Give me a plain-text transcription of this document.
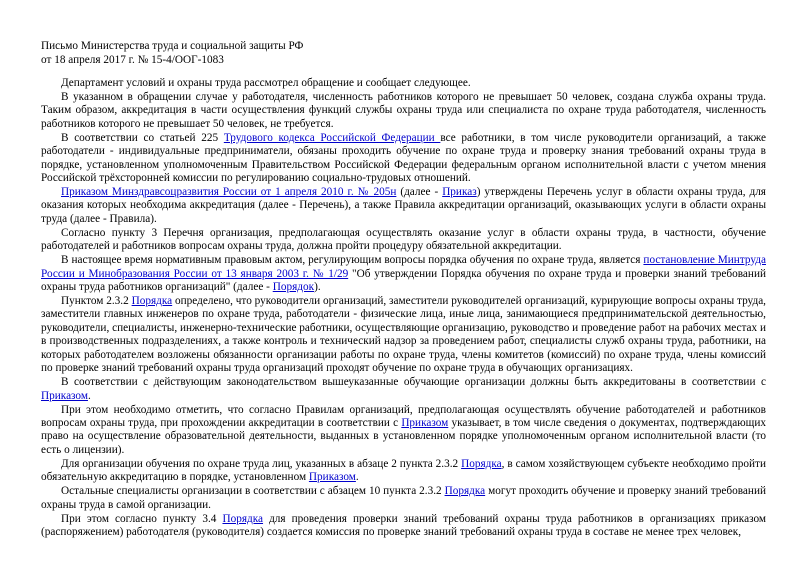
Письмо Министерства труда и социальной защиты РФ
от 18 апреля 2017 г. № 15-4/ООГ-1083

Департамент условий и охраны труда рассмотрел обращение и сообщает следующее.

В указанном в обращении случае у работодателя, численность работников которого не превышает 50 человек, создана служба охраны труда. Таким образом, аккредитация в части осуществления функций службы охраны труда или специалиста по охране труда работодателя, численность работников которого не превышает 50 человек, не требуется.

В соответствии со статьей 225 Трудового кодекса Российской Федерации все работники, в том числе руководители организаций, а также работодатели - индивидуальные предприниматели, обязаны проходить обучение по охране труда и проверку знания требований охраны труда в порядке, установленном уполномоченным Правительством Российской Федерации федеральным органом исполнительной власти с учетом мнения Российской трёхсторонней комиссии по регулированию социально-трудовых отношений.

Приказом Минздравсоцразвития России от 1 апреля 2010 г. № 205н (далее - Приказ) утверждены Перечень услуг в области охраны труда, для оказания которых необходима аккредитация (далее - Перечень), а также Правила аккредитации организаций, оказывающих услуги в области охраны труда (далее - Правила).

Согласно пункту 3 Перечня организация, предполагающая осуществлять оказание услуг в области охраны труда, в частности, обучение работодателей и работников вопросам охраны труда, должна пройти процедуру обязательной аккредитации.

В настоящее время нормативным правовым актом, регулирующим вопросы порядка обучения по охране труда, является постановление Минтруда России и Минобразования России от 13 января 2003 г. № 1/29 "Об утверждении Порядка обучения по охране труда и проверки знаний требований охраны труда работников организаций" (далее - Порядок).

Пунктом 2.3.2 Порядка определено, что руководители организаций, заместители руководителей организаций, курирующие вопросы охраны труда, заместители главных инженеров по охране труда, работодатели - физические лица, иные лица, занимающиеся предпринимательской деятельностью, руководители, специалисты, инженерно-технические работники, осуществляющие организацию, руководство и проведение работ на рабочих местах и в производственных подразделениях, а также контроль и технический надзор за проведением работ, специалисты служб охраны труда, работники, на которых работодателем возложены обязанности организации работы по охране труда, члены комитетов (комиссий) по охране труда, члены комиссий по проверке знаний требований охраны труда организаций проходят обучение по охране труда в обучающих организациях.

В соответствии с действующим законодательством вышеуказанные обучающие организации должны быть аккредитованы в соответствии с Приказом.

При этом необходимо отметить, что согласно Правилам организаций, предполагающая осуществлять обучение работодателей и работников вопросам охраны труда, при прохождении аккредитации в соответствии с Приказом указывает, в том числе сведения о документах, подтверждающих право на осуществление образовательной деятельности, выданных в установленном порядке уполномоченным органом исполнительной власти (то есть о лицензии).

Для организации обучения по охране труда лиц, указанных в абзаце 2 пункта 2.3.2 Порядка, в самом хозяйствующем субъекте необходимо пройти обязательную аккредитацию в порядке, установленном Приказом.

Остальные специалисты организации в соответствии с абзацем 10 пункта 2.3.2 Порядка могут проходить обучение и проверку знаний требований охраны труда в самой организации.

При этом согласно пункту 3.4 Порядка для проведения проверки знаний требований охраны труда работников в организациях приказом (распоряжением) работодателя (руководителя) создается комиссия по проверке знаний требований охраны труда в составе не менее трех человек,
